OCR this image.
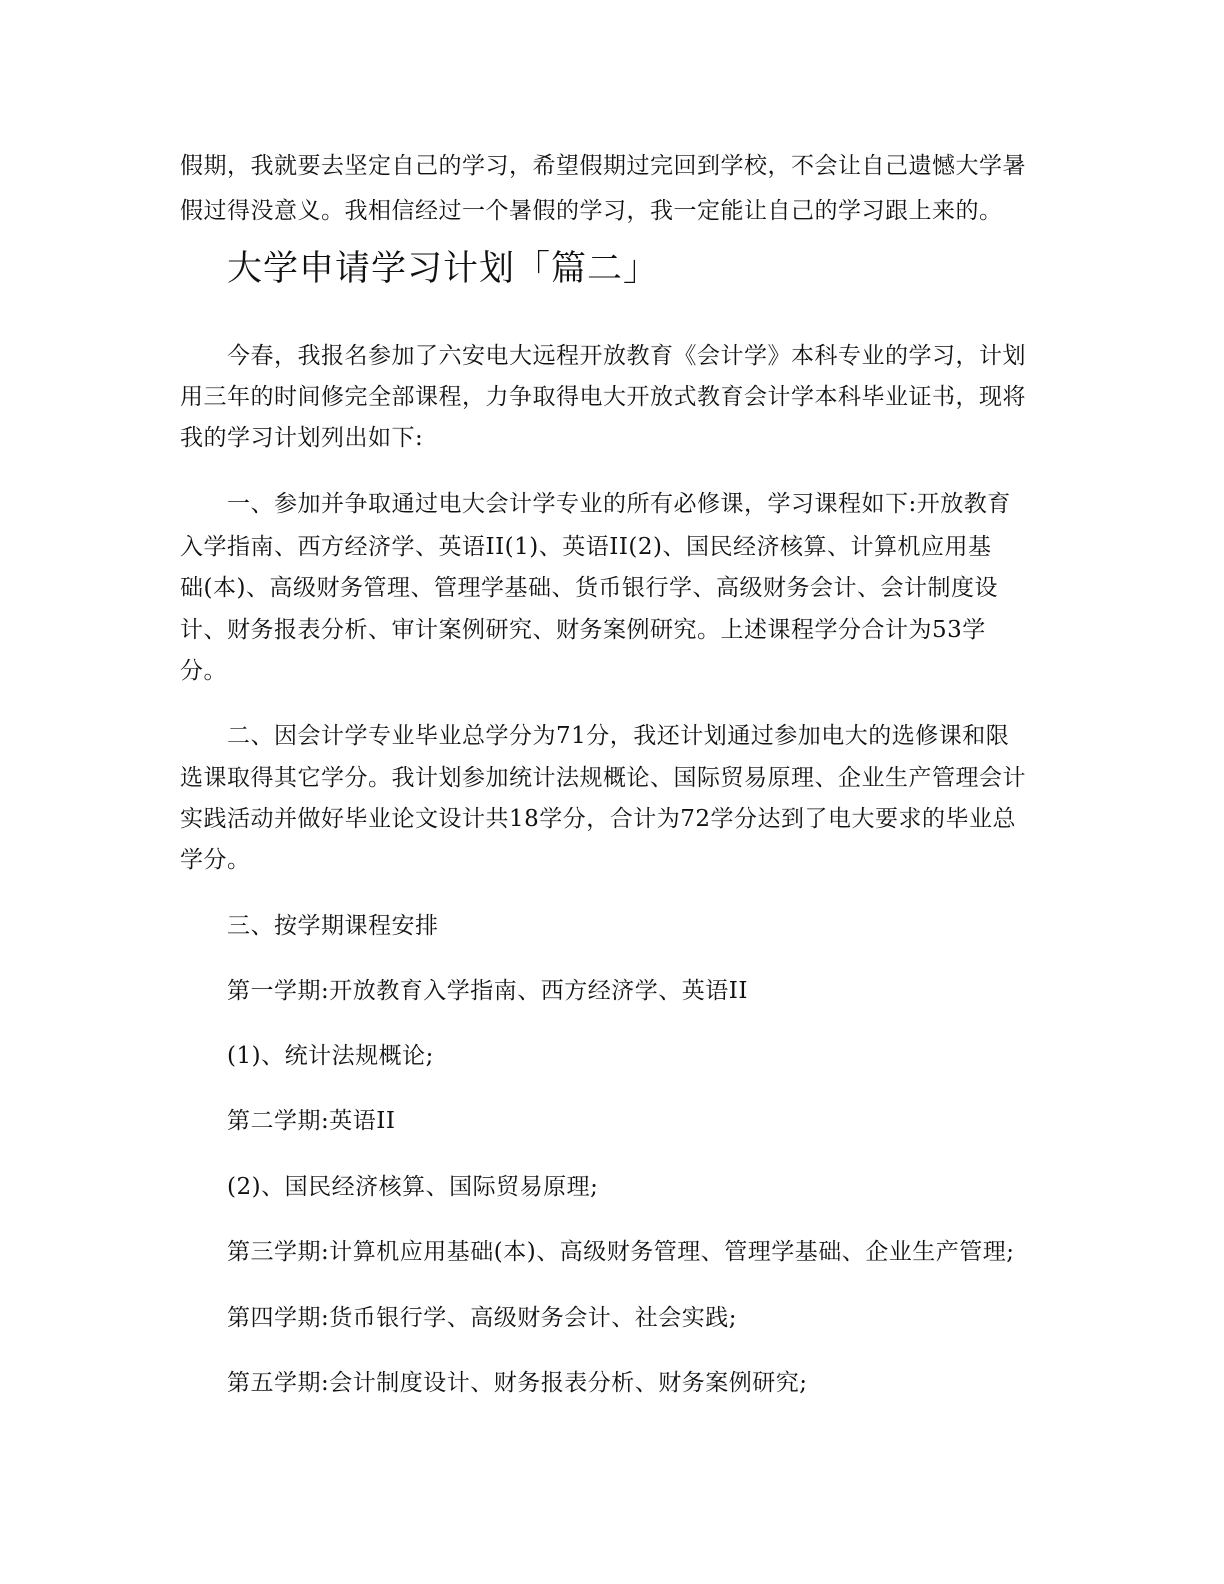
假期，我就要去坚定自己的学习，希望假期过完回到学校，不会让自己遗憾大学暑
假过得没意义。我相信经过一个暑假的学习，我一定能让自己的学习跟上来的。
大学申请学习计划「篇二」
今春，我报名参加了六安电大远程开放教育《会计学》本科专业的学习，计划
用三年的时间修完全部课程，力争取得电大开放式教育会计学本科毕业证书，现将
我的学习计划列出如下:
一、参加并争取通过电大会计学专业的所有必修课，学习课程如下:开放教育
入学指南、西方经济学、英语II(1)、英语II(2)、国民经济核算、计算机应用基
础(本)、高级财务管理、管理学基础、货币银行学、高级财务会计、会计制度设
计、财务报表分析、审计案例研究、财务案例研究。上述课程学分合计为53学
分。
二、因会计学专业毕业总学分为71分，我还计划通过参加电大的选修课和限
选课取得其它学分。我计划参加统计法规概论、国际贸易原理、企业生产管理会计
实践活动并做好毕业论文设计共18学分，合计为72学分达到了电大要求的毕业总
学分。
三、按学期课程安排
第一学期:开放教育入学指南、西方经济学、英语II
(1)、统计法规概论;
第二学期:英语II
(2)、国民经济核算、国际贸易原理;
第三学期:计算机应用基础(本)、高级财务管理、管理学基础、企业生产管理;
第四学期:货币银行学、高级财务会计、社会实践;
第五学期:会计制度设计、财务报表分析、财务案例研究;
